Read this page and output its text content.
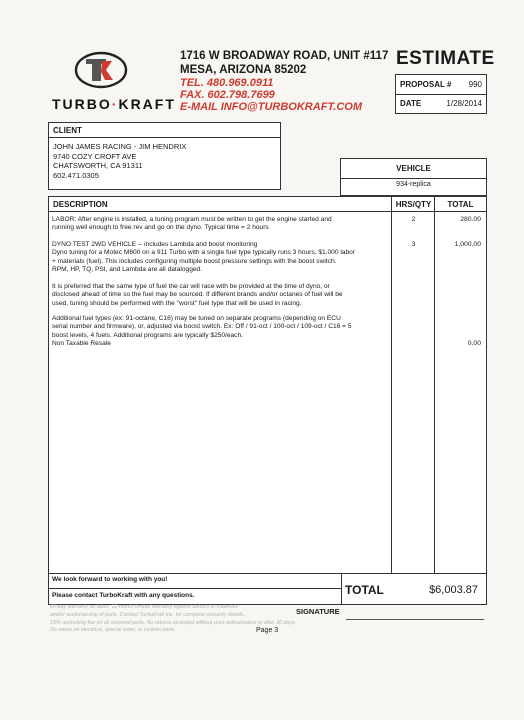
TURBO·KRAFT
1716 W BROADWAY ROAD, UNIT #117
MESA, ARIZONA 85202
TEL. 480.969.0911
FAX. 602.798.7699
E-MAIL INFO@TURBOKRAFT.COM
ESTIMATE
PROPOSAL # 990
DATE	1/28/2014
CLIENT
JOHN JAMES RACING - JIM HENDRIX
9740 COZY CROFT AVE
CHATSWORTH, CA 91311
602.471.0305
VEHICLE
934-replica
DESCRIPTION	HRS/QTY	TOTAL
LABOR: After engine is installed, a tuning program must be written to get the engine started and
running well enough to free rev and go on the dyno. Typical time = 2 hours
2	280.00
DYNO TEST 2WD VEHICLE -- includes Lambda and boost monitoring
Dyno tuning for a Motec M600 on a 911 Turbo with a single fuel type typically runs 3 hours, $1,000 labor
+ materials (fuel). This includes configuring multiple boost pressure settings with the boost switch.
RPM, HP, TQ, PSI, and Lambda are all datalogged.
3	1,000.00
It is preferred that the same type of fuel the car will race with be provided at the time of dyno, or
disclosed ahead of time so the fuel may be sourced. If different brands and/or octanes of fuel will be
used, tuning should be performed with the "worst" fuel type that will be used in racing.
Additional fuel types (ex: 91-octane, C16) may be tuned on separate programs (depending on ECU
serial number and firmware), or, adjusted via boost switch. Ex: Off / 91-oct / 100-oct / 109-oct / C16 = 5
boost levels, 4 fuels. Additional programs are typically $250/each.
Non Taxable Resale	0.00
We look forward to working with you!
Please contact TurboKraft with any questions.	TOTAL	$6,003.87
60-day warranty on labor. 12-month limited warranty against defects in materials
and/or workmanship of parts. Contact TurboKraft Inc. for complete warranty details.
15% restocking fee on all returned parts. No returns accepted without prior authorization or after 30 days.
No return on electrical, special order, or custom parts.
SIGNATURE
Page 3
